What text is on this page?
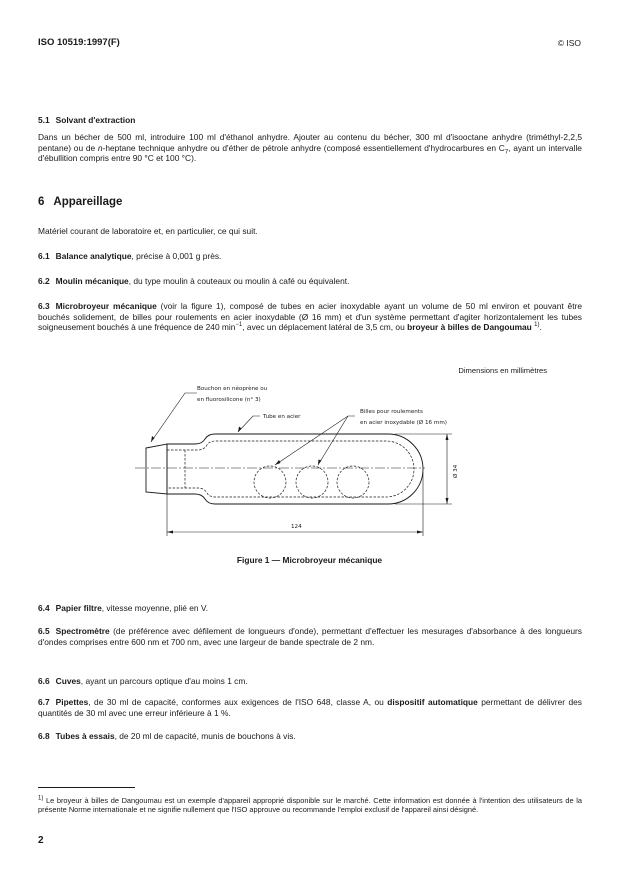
ISO 10519:1997(F)	© ISO
5.1 Solvant d'extraction
Dans un bécher de 500 ml, introduire 100 ml d'éthanol anhydre. Ajouter au contenu du bécher, 300 ml d'isooctane anhydre (triméthyl-2,2,5 pentane) ou de n-heptane technique anhydre ou d'éther de pétrole anhydre (composé essentiellement d'hydrocarbures en $C_7$, ayant un intervalle d'ébullition compris entre 90 °C et 100 °C).
6 Appareillage
Matériel courant de laboratoire et, en particulier, ce qui suit.
6.1 Balance analytique, précise à 0,001 g près.
6.2 Moulin mécanique, du type moulin à couteaux ou moulin à café ou équivalent.
6.3 Microbroyeur mécanique (voir la figure 1), composé de tubes en acier inoxydable ayant un volume de 50 ml environ et pouvant être bouchés solidement, de billes pour roulements en acier inoxydable (Ø 16 mm) et d'un système permettant d'agiter horizontalement les tubes soigneusement bouchés à une fréquence de 240 $\min^{-1}$, avec un déplacement latéral de 3,5 cm, ou broyeur à billes de Dangoumau $^{1)}$.
Dimensions en millimètres
Bouchon en néoprène ou
en fluorosilicone (n° 3)
Tube en acier
Billes pour roulements
en acier inoxydable (Ø 16 mm)
Ø 34
124
Figure 1 — Microbroyeur mécanique
6.4 Papier filtre, vitesse moyenne, plié en V.
6.5 Spectromètre (de préférence avec défilement de longueurs d'onde), permettant d'effectuer les mesurages d'absorbance à des longueurs d'ondes comprises entre 600 nm et 700 nm, avec une largeur de bande spectrale de 2 nm.
6.6 Cuves, ayant un parcours optique d'au moins 1 cm.
6.7 Pipettes, de 30 ml de capacité, conformes aux exigences de l'ISO 648, classe A, ou dispositif automatique permettant de délivrer des quantités de 30 ml avec une erreur inférieure à 1 %.
6.8 Tubes à essais, de 20 ml de capacité, munis de bouchons à vis.
$^{1)}$ Le broyeur à billes de Dangoumau est un exemple d'appareil approprié disponible sur le marché. Cette information est donnée à l'intention des utilisateurs de la présente Norme internationale et ne signifie nullement que l'ISO approuve ou recommande l'emploi exclusif de l'appareil ainsi désigné.
2
